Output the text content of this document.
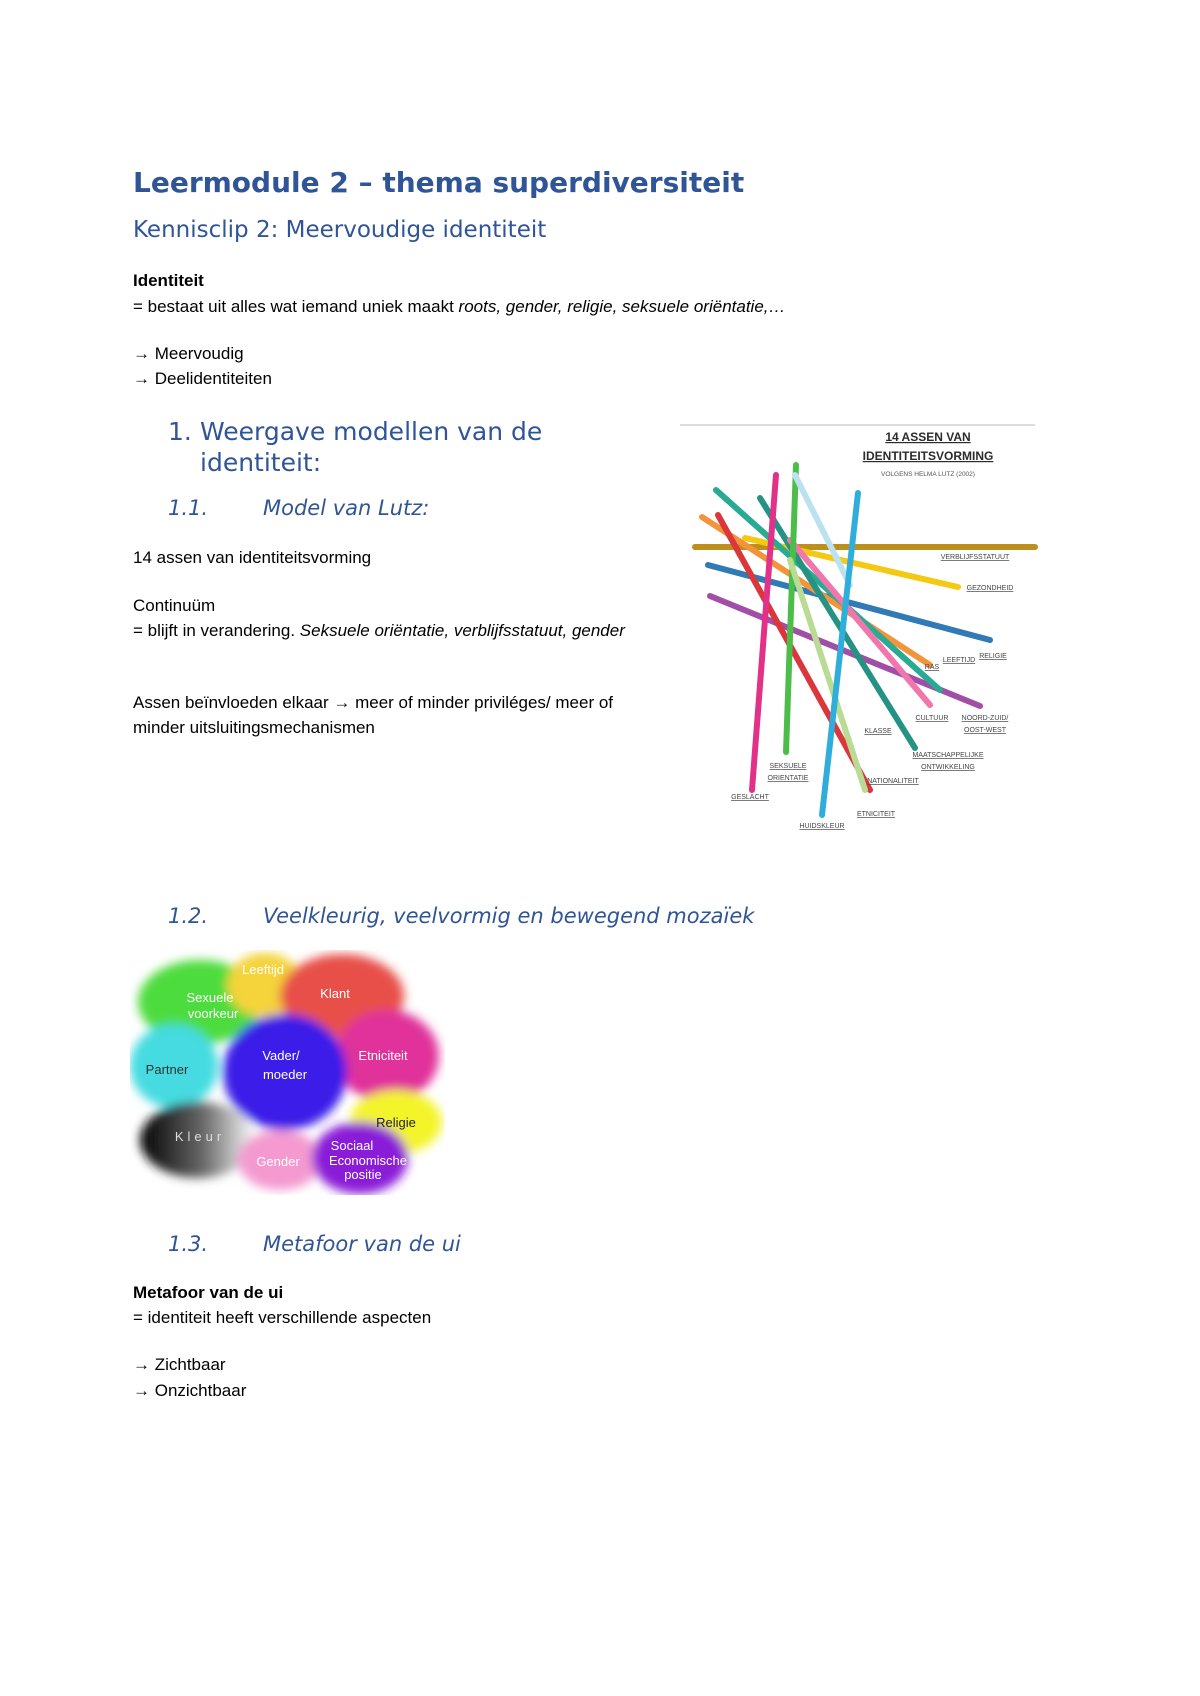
Leermodule 2 – thema superdiversiteit
Kennisclip 2: Meervoudige identiteit
Identiteit
= bestaat uit alles wat iemand uniek maakt roots, gender, religie, seksuele oriëntatie,…
→ Meervoudig
→ Deelidentiteiten
1. Weergave modellen van de identiteit:
1.1.	Model van Lutz:
14 assen van identiteitsvorming
Continuüm
= blijft in verandering. Seksuele oriëntatie, verblijfsstatuut, gender
Assen beïnvloeden elkaar → meer of minder priviléges/ meer of minder uitsluitingsmechanismen
14 ASSEN VAN
IDENTITEITSVORMING
VOLGENS HELMA LUTZ (2002)
VERBLIJFSSTATUUT
GEZONDHEID
RELIGIE
LEEFTIJD
RAS
CULTUUR NOORD-ZUID/
OOST-WEST
KLASSE
MAATSCHAPPELIJKE
ONTWIKKELING
SEKSUELE
ORIENTATIE	NATIONALITEIT
GESLACHT
ETNICITEIT
HUIDSKLEUR
1.2.	Veelkleurig, veelvormig en bewegend mozaïek
Leeftijd
Klant
Sexuele
voorkeur
Partner
Vader/
moeder
Etniciteit
Religie
Kleur
Gender
Sociaal
Economische
positie
1.3.	Metafoor van de ui
Metafoor van de ui
= identiteit heeft verschillende aspecten
→ Zichtbaar
→ Onzichtbaar
